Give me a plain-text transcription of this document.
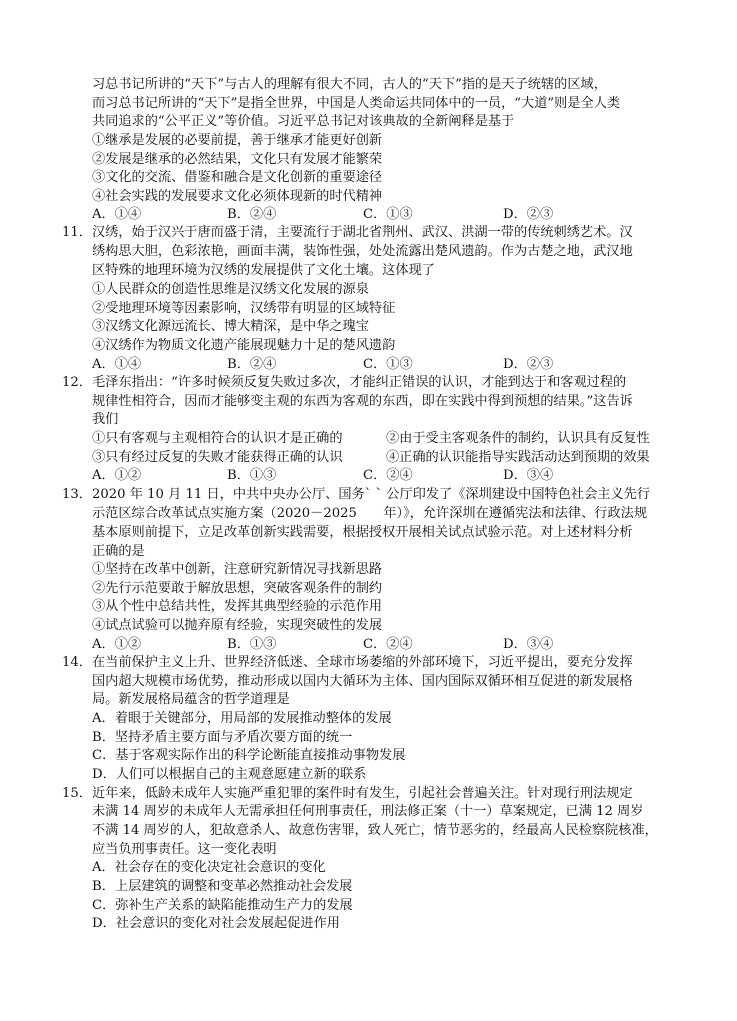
习总书记所讲的“天下”与古人的理解有很大不同，古人的“天下”指的是天子统辖的区域，
而习总书记所讲的“天下”是指全世界，中国是人类命运共同体中的一员，“大道”则是全人类
共同追求的“公平正义”等价值。习近平总书记对该典故的全新阐释是基于
①继承是发展的必要前提，善于继承才能更好创新
②发展是继承的必然结果，文化只有发展才能繁荣
③文化的交流、借鉴和融合是文化创新的重要途径
④社会实践的发展要求文化必须体现新的时代精神
A．①④	B．②④	C．①③	D．②③
11． 汉绣，始于汉兴于唐而盛于清，主要流行于湖北省荆州、武汉、洪湖一带的传统刺绣艺术。汉
绣构思大胆，色彩浓艳，画面丰满，装饰性强，处处流露出楚风遗韵。作为古楚之地，武汉地
区特殊的地理环境为汉绣的发展提供了文化土壤。这体现了
①人民群众的创造性思维是汉绣文化发展的源泉
②受地理环境等因素影响，汉绣带有明显的区域特征
③汉绣文化源远流长、博大精深，是中华之瑰宝
④汉绣作为物质文化遗产能展现魅力十足的楚风遗韵
A．①④	B．②④	C．①③	D．②③
12． 毛泽东指出：“许多时候须反复失败过多次，才能纠正错误的认识，才能到达于和客观过程的
规律性相符合，因而才能够变主观的东西为客观的东西，即在实践中得到预想的结果。”这告诉
我们
①只有客观与主观相符合的认识才是正确的	②由于受主客观条件的制约，认识具有反复性
③只有经过反复的失败才能获得正确的认识	④正确的认识能指导实践活动达到预期的效果
A．①②	B．①③	C．②④	D．③④
13． 2020 年 10 月 11 日，中共中央办公厅、国务` ` 公厅印发了《深圳建设中国特色社会主义先行
示范区综合改革试点实施方案（2020－2025　　年）》，允许深圳在遵循宪法和法律、行政法规
基本原则前提下，立足改革创新实践需要，根据授权开展相关试点试验示范。对上述材料分析
正确的是
①坚持在改革中创新，注意研究新情况寻找新思路
②先行示范要敢于解放思想，突破客观条件的制约
③从个性中总结共性，发挥其典型经验的示范作用
④试点试验可以抛弃原有经验，实现突破性的发展
A．①②	B．①③	C．②④	D．③④
14． 在当前保护主义上升、世界经济低迷、全球市场萎缩的外部环境下，习近平提出，要充分发挥
国内超大规模市场优势，推动形成以国内大循环为主体、国内国际双循环相互促进的新发展格
局。新发展格局蕴含的哲学道理是
A．着眼于关键部分，用局部的发展推动整体的发展
B．坚持矛盾主要方面与矛盾次要方面的统一
C．基于客观实际作出的科学论断能直接推动事物发展
D．人们可以根据自己的主观意愿建立新的联系
15． 近年来，低龄未成年人实施严重犯罪的案件时有发生，引起社会普遍关注。针对现行刑法规定
未满 14 周岁的未成年人无需承担任何刑事责任，刑法修正案（十一）草案规定，已满 12 周岁
不满 14 周岁的人，犯故意杀人、故意伤害罪，致人死亡，情节恶劣的，经最高人民检察院核准，
应当负刑事责任。这一变化表明
A．社会存在的变化决定社会意识的变化
B．上层建筑的调整和变革必然推动社会发展
C．弥补生产关系的缺陷能推动生产力的发展
D．社会意识的变化对社会发展起促进作用
